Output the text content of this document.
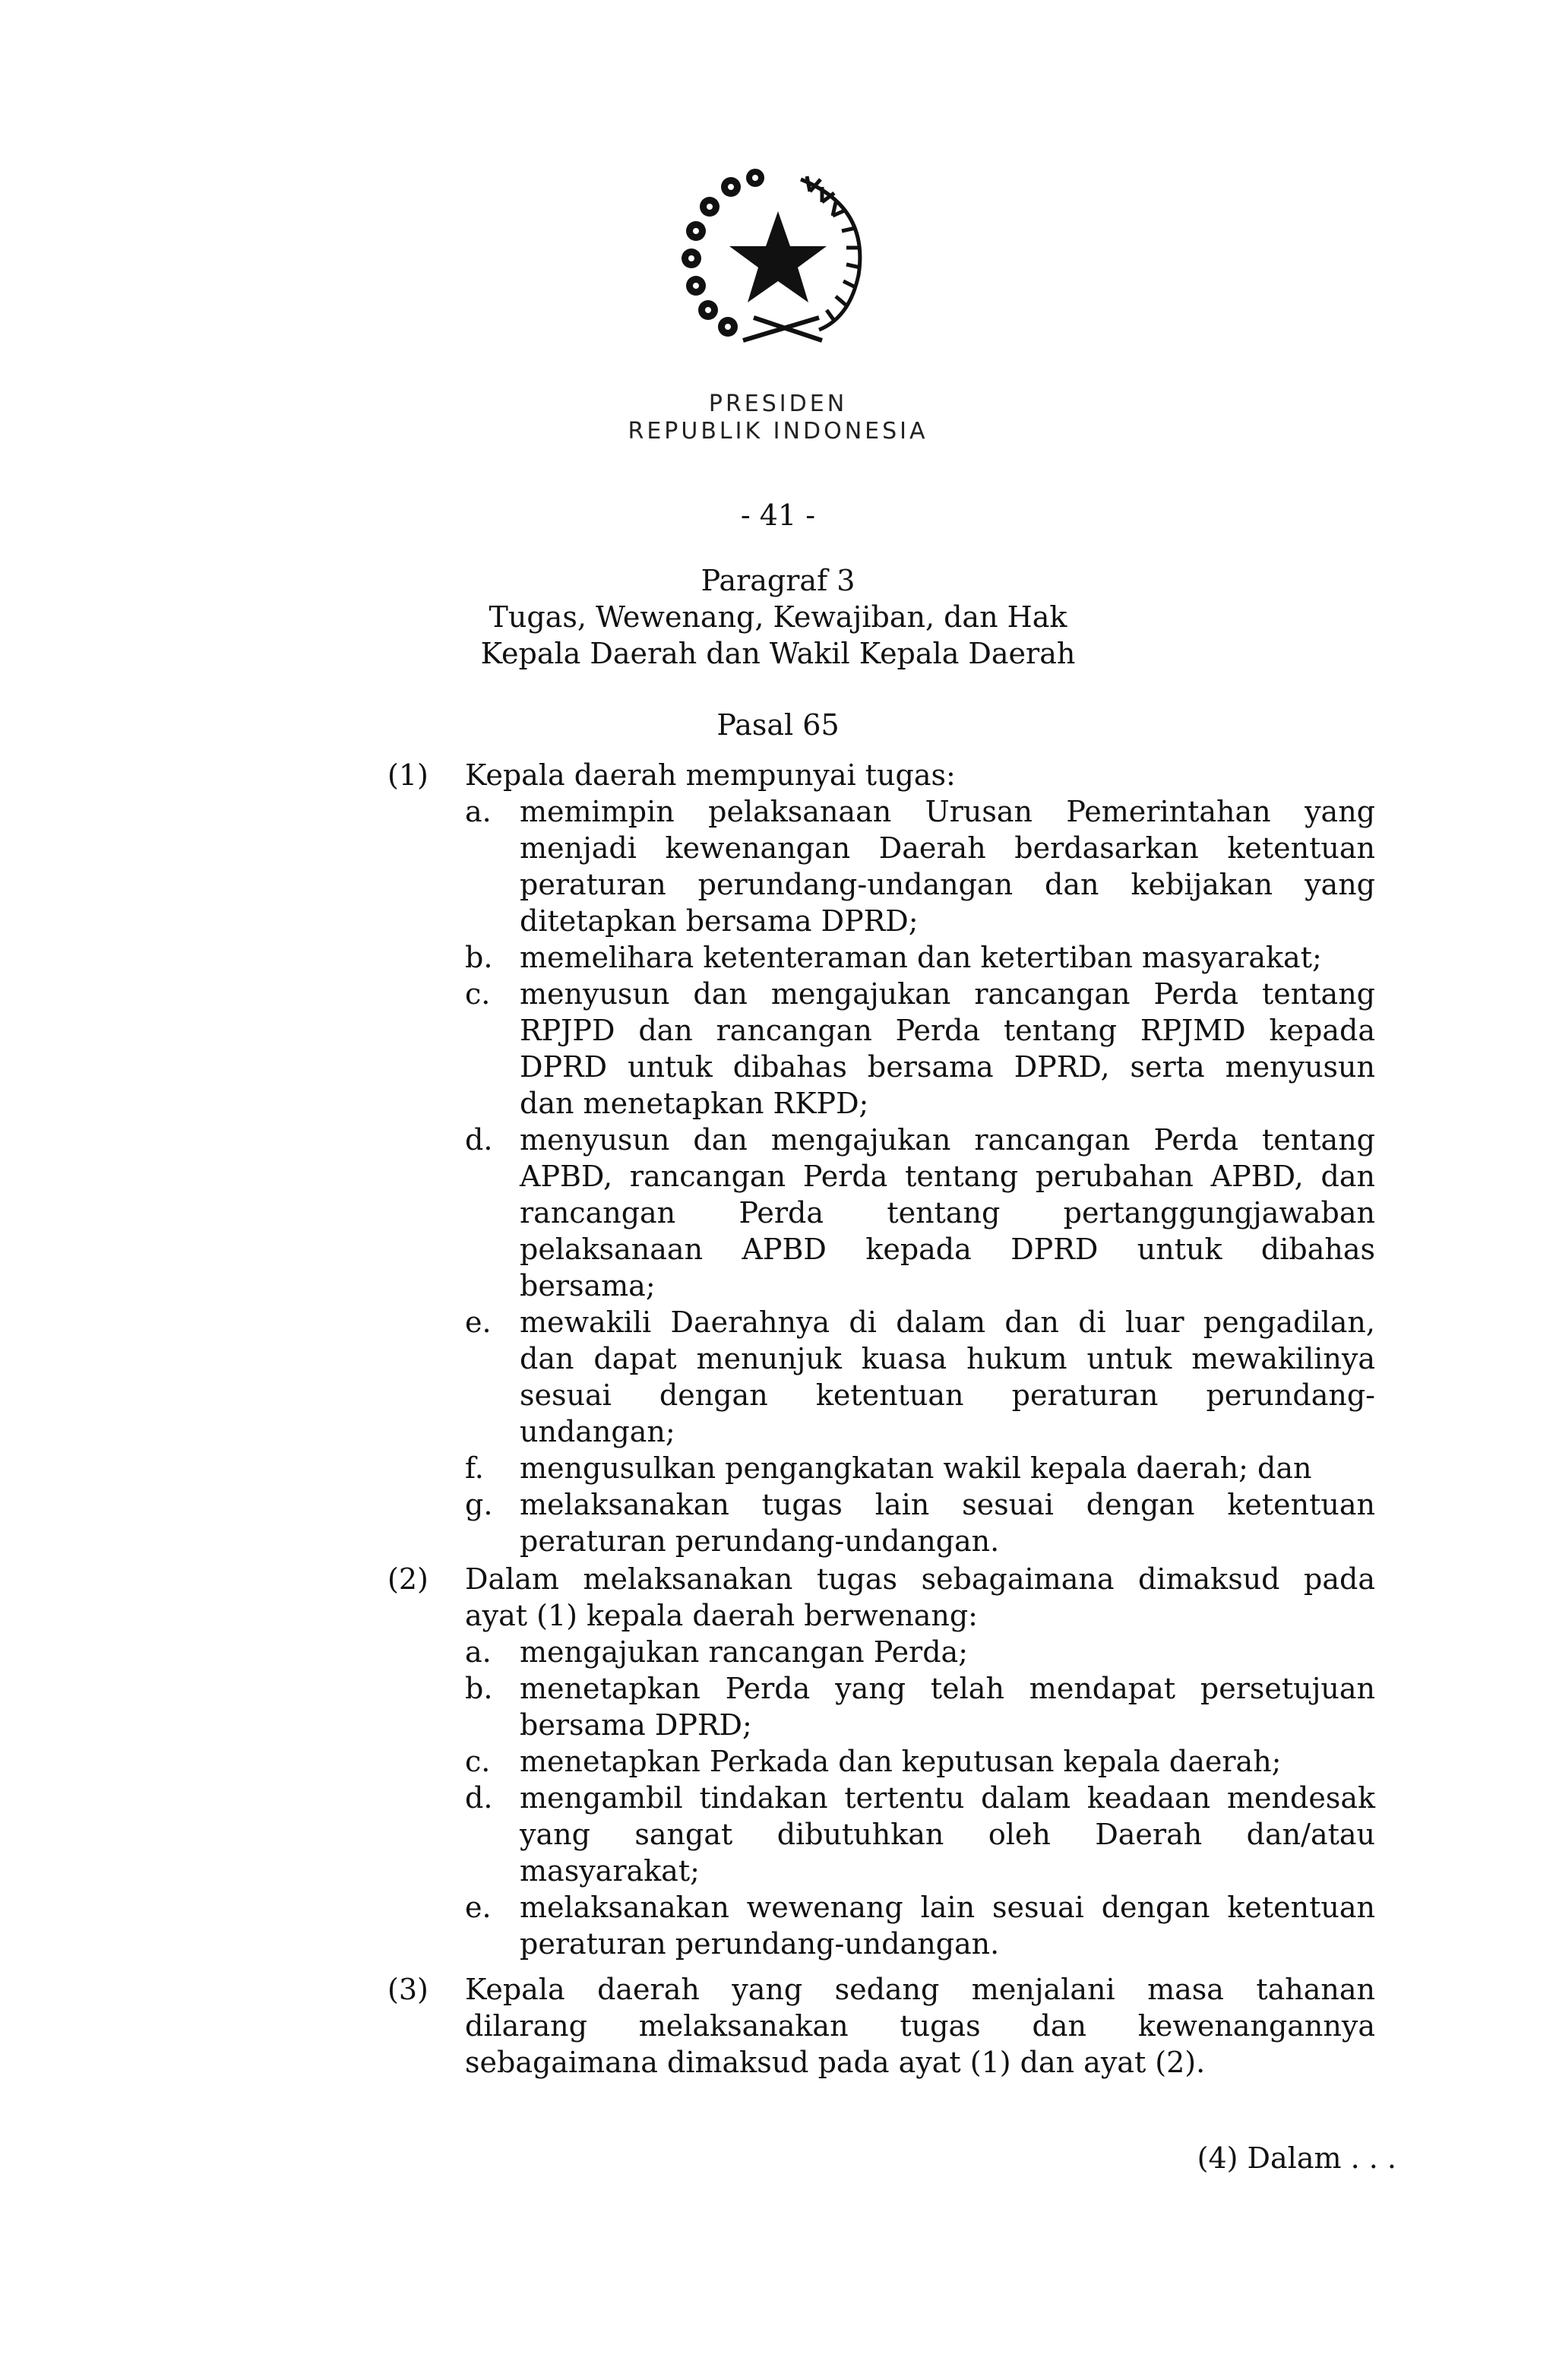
PRESIDEN
REPUBLIK INDONESIA
- 41 -
Paragraf 3
Tugas, Wewenang, Kewajiban, dan Hak
Kepala Daerah dan Wakil Kepala Daerah
Pasal 65
(1) Kepala daerah mempunyai tugas:
a. memimpin pelaksanaan Urusan Pemerintahan yang
menjadi kewenangan Daerah berdasarkan ketentuan
peraturan perundang-undangan dan kebijakan yang
ditetapkan bersama DPRD;
b. memelihara ketenteraman dan ketertiban masyarakat;
c. menyusun dan mengajukan rancangan Perda tentang
RPJPD dan rancangan Perda tentang RPJMD kepada
DPRD untuk dibahas bersama DPRD, serta menyusun
dan menetapkan RKPD;
d. menyusun dan mengajukan rancangan Perda tentang
APBD, rancangan Perda tentang perubahan APBD, dan
rancangan Perda tentang pertanggungjawaban
pelaksanaan APBD kepada DPRD untuk dibahas
bersama;
e. mewakili Daerahnya di dalam dan di luar pengadilan,
dan dapat menunjuk kuasa hukum untuk mewakilinya
sesuai dengan ketentuan peraturan perundang-
undangan;
f. mengusulkan pengangkatan wakil kepala daerah; dan
g. melaksanakan tugas lain sesuai dengan ketentuan
peraturan perundang-undangan.
(2) Dalam melaksanakan tugas sebagaimana dimaksud pada
ayat (1) kepala daerah berwenang:
a. mengajukan rancangan Perda;
b. menetapkan Perda yang telah mendapat persetujuan
bersama DPRD;
c. menetapkan Perkada dan keputusan kepala daerah;
d. mengambil tindakan tertentu dalam keadaan mendesak
yang sangat dibutuhkan oleh Daerah dan/atau
masyarakat;
e. melaksanakan wewenang lain sesuai dengan ketentuan
peraturan perundang-undangan.
(3) Kepala daerah yang sedang menjalani masa tahanan
dilarang melaksanakan tugas dan kewenangannya
sebagaimana dimaksud pada ayat (1) dan ayat (2).
(4) Dalam . . .
